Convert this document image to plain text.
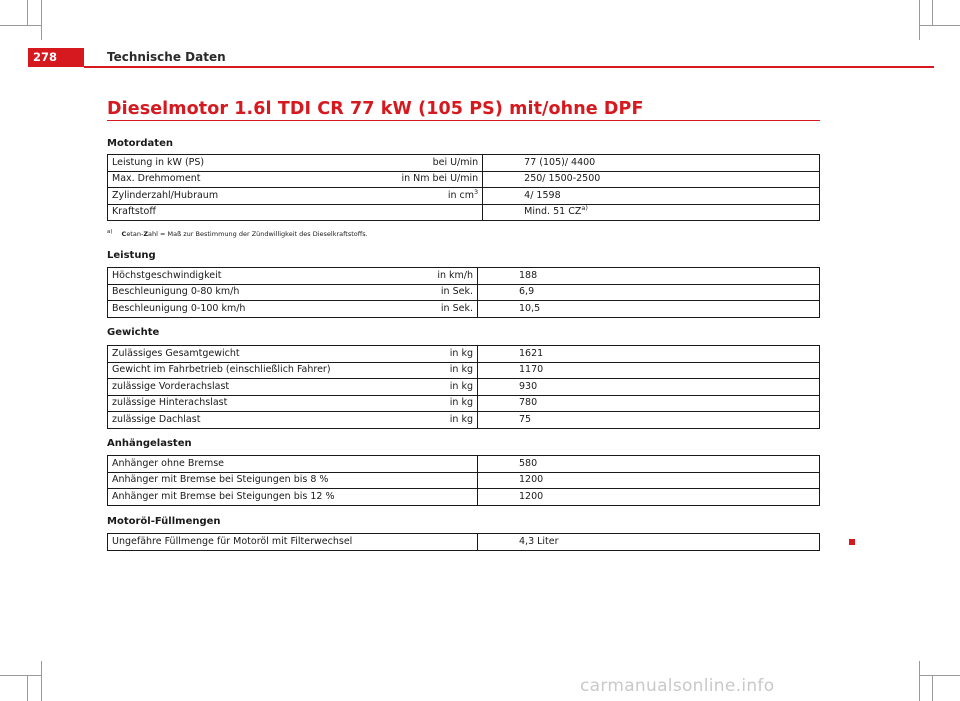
278	Technische Daten
Dieselmotor 1.6l TDI CR 77 kW (105 PS) mit/ohne DPF
Motordaten
Leistung in kW (PS)	bei U/min	77 (105)/ 4400
Max. Drehmoment	in Nm bei U/min	250/ 1500-2500
Zylinderzahl/Hubraum	in $cm^3$	4/ 1598
Kraftstoff		Mind. 51 CZ$^{a)}$
$^{a)}$ Cetan-Zahl = Maß zur Bestimmung der Zündwilligkeit des Dieselkraftstoffs.
Leistung
Höchstgeschwindigkeit	in km/h	188
Beschleunigung 0-80 km/h	in Sek.	6,9
Beschleunigung 0-100 km/h	in Sek.	10,5
Gewichte
Zulässiges Gesamtgewicht	in kg	1621
Gewicht im Fahrbetrieb (einschließlich Fahrer)	in kg	1170
zulässige Vorderachslast	in kg	930
zulässige Hinterachslast	in kg	780
zulässige Dachlast	in kg	75
Anhängelasten
Anhänger ohne Bremse	580
Anhänger mit Bremse bei Steigungen bis 8 %	1200
Anhänger mit Bremse bei Steigungen bis 12 %	1200
Motoröl-Füllmengen
Ungefähre Füllmenge für Motoröl mit Filterwechsel	4,3 Liter
carmanualsonline.info
